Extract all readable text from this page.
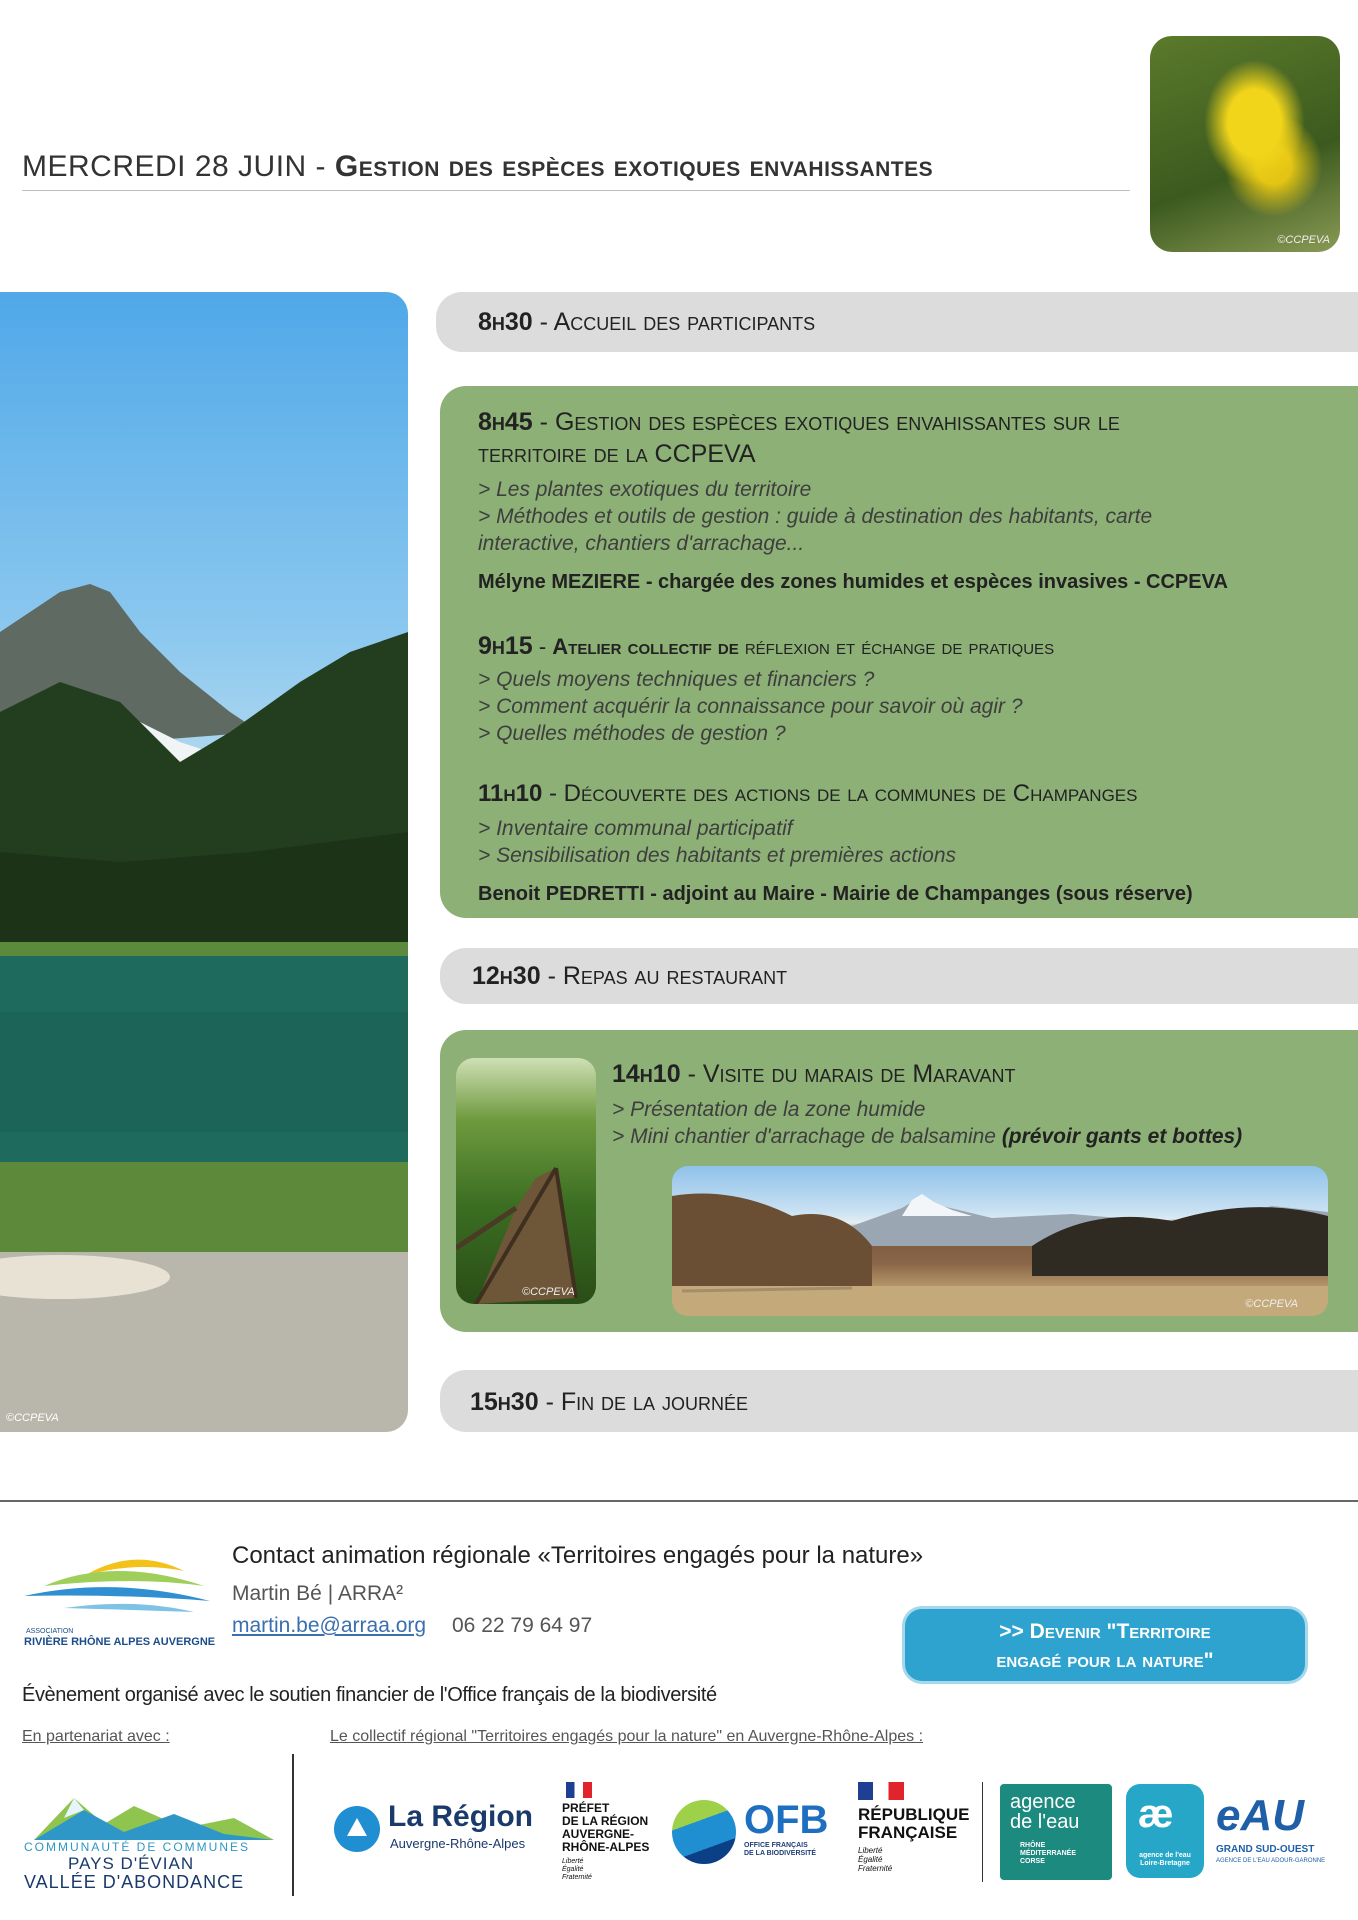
MERCREDI 28 JUIN - Gestion des espèces exotiques envahissantes
©CCPEVA
©CCPEVA
8h30 - Accueil des participants
8h45 - Gestion des espèces exotiques envahissantes sur le
territoire de la CCPEVA
> Les plantes exotiques du territoire
> Méthodes et outils de gestion : guide à destination des habitants, carte
interactive, chantiers d'arrachage...
Mélyne MEZIERE - chargée des zones humides et espèces invasives - CCPEVA
9h15 - Atelier collectif de réflexion et échange de pratiques
> Quels moyens techniques et financiers ?
> Comment acquérir la connaissance pour savoir où agir ?
> Quelles méthodes de gestion ?
11h10 - Découverte des actions de la communes de Champanges
> Inventaire communal participatif
> Sensibilisation des habitants et premières actions
Benoit PEDRETTI - adjoint au Maire - Mairie de Champanges (sous réserve)
12h30 - Repas au restaurant
©CCPEVA
14h10 - Visite du marais de Maravant
> Présentation de la zone humide
> Mini chantier d'arrachage de balsamine (prévoir gants et bottes)
©CCPEVA
15h30 - Fin de la journée
ASSOCIATION
RIVIÈRE RHÔNE ALPES AUVERGNE
Contact animation régionale «Territoires engagés pour la nature»
Martin Bé | ARRA²
martin.be@arraa.org 06 22 79 64 97	>> Devenir "Territoire
engagé pour la nature"
Évènement organisé avec le soutien financier de l'Office français de la biodiversité
En partenariat avec :	Le collectif régional "Territoires engagés pour la nature" en Auvergne-Rhône-Alpes :
COMMUNAUTÉ DE COMMUNES
PAYS D'ÉVIAN
VALLÉE D'ABONDANCE
La Région
Auvergne-Rhône-Alpes
PRÉFET
DE LA RÉGION
AUVERGNE-
RHÔNE-ALPES
Liberté
Égalité
Fraternité
OFB
OFFICE FRANÇAIS
DE LA BIODIVERSITÉ
RÉPUBLIQUE
FRANÇAISE
Liberté
Égalité
Fraternité
agence
de l'eau
RHÔNE
MÉDITERRANÉE
CORSE
æ
agence de l'eau
Loire-Bretagne
eAU
GRAND SUD-OUEST
AGENCE DE L'EAU ADOUR-GARONNE
